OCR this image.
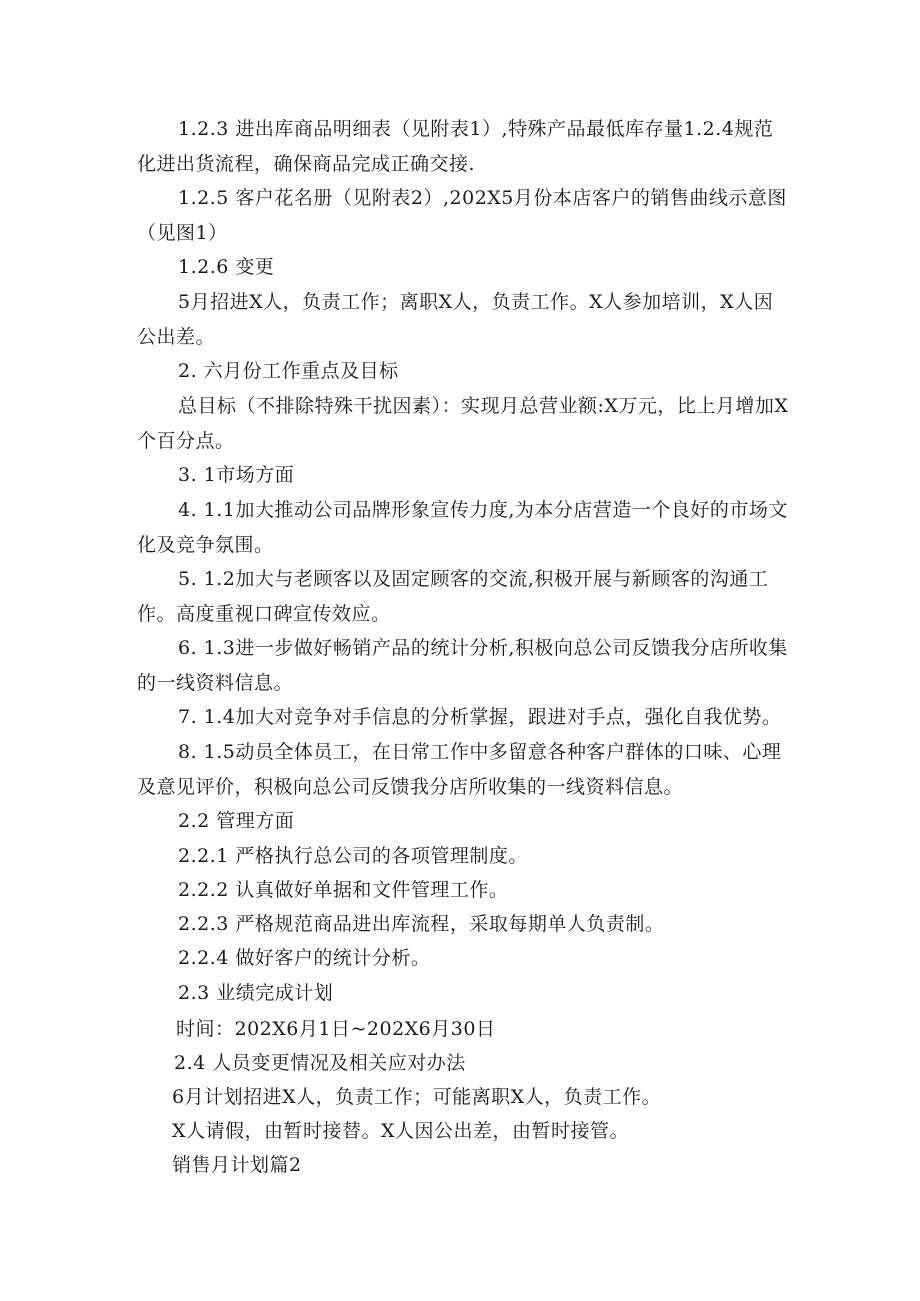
1.2.3 进出库商品明细表（见附表1）,特殊产品最低库存量1.2.4规范化进出货流程，确保商品完成正确交接.

1.2.5 客户花名册（见附表2）,202X5月份本店客户的销售曲线示意图（见图1）

1.2.6 变更

5月招进X人，负责工作；离职X人，负责工作。X人参加培训，X人因公出差。

2. 六月份工作重点及目标

总目标（不排除特殊干扰因素）：实现月总营业额:X万元，比上月增加X个百分点。

3. 1市场方面

4. 1.1加大推动公司品牌形象宣传力度,为本分店营造一个良好的市场文化及竞争氛围。

5. 1.2加大与老顾客以及固定顾客的交流,积极开展与新顾客的沟通工作。高度重视口碑宣传效应。

6. 1.3进一步做好畅销产品的统计分析,积极向总公司反馈我分店所收集的一线资料信息。

7. 1.4加大对竞争对手信息的分析掌握，跟进对手点，强化自我优势。

8. 1.5动员全体员工，在日常工作中多留意各种客户群体的口味、心理及意见评价，积极向总公司反馈我分店所收集的一线资料信息。

2.2 管理方面

2.2.1 严格执行总公司的各项管理制度。

2.2.2 认真做好单据和文件管理工作。

2.2.3 严格规范商品进出库流程，采取每期单人负责制。

2.2.4 做好客户的统计分析。

2.3 业绩完成计划

时间：202X6月1日~202X6月30日

2.4 人员变更情况及相关应对办法

6月计划招进X人，负责工作；可能离职X人，负责工作。

X人请假，由暂时接替。X人因公出差，由暂时接管。

销售月计划篇2
